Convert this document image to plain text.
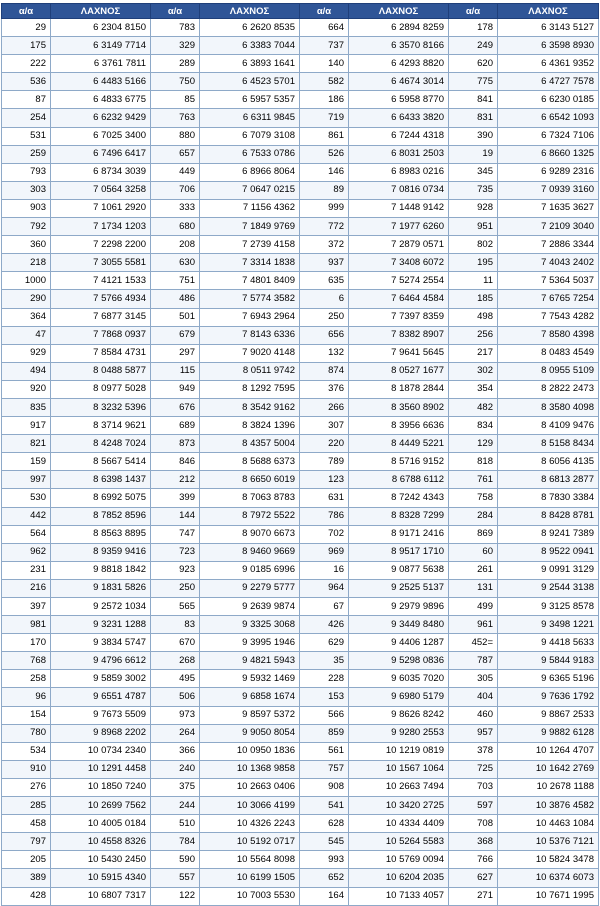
α/α	ΛΑΧΝΟΣ	α/α	ΛΑΧΝΟΣ	α/α	ΛΑΧΝΟΣ	α/α	ΛΑΧΝΟΣ
29	6 2304 8150	783	6 2620 8535	664	6 2894 8259	178	6 3143 5127
175	6 3149 7714	329	6 3383 7044	737	6 3570 8166	249	6 3598 8930
222	6 3761 7811	289	6 3893 1641	140	6 4293 8820	620	6 4361 9352
536	6 4483 5166	750	6 4523 5701	582	6 4674 3014	775	6 4727 7578
87	6 4833 6775	85	6 5957 5357	186	6 5958 8770	841	6 6230 0185
254	6 6232 9429	763	6 6311 9845	719	6 6433 3820	831	6 6542 1093
531	6 7025 3400	880	6 7079 3108	861	6 7244 4318	390	6 7324 7106
259	6 7496 6417	657	6 7533 0786	526	6 8031 2503	19	6 8660 1325
793	6 8734 3039	449	6 8966 8064	146	6 8983 0216	345	6 9289 2316
303	7 0564 3258	706	7 0647 0215	89	7 0816 0734	735	7 0939 3160
903	7 1061 2920	333	7 1156 4362	999	7 1448 9142	928	7 1635 3627
792	7 1734 1203	680	7 1849 9769	772	7 1977 6260	951	7 2109 3040
360	7 2298 2200	208	7 2739 4158	372	7 2879 0571	802	7 2886 3344
218	7 3055 5581	630	7 3314 1838	937	7 3408 6072	195	7 4043 2402
1000	7 4121 1533	751	7 4801 8409	635	7 5274 2554	11	7 5364 5037
290	7 5766 4934	486	7 5774 3582	6	7 6464 4584	185	7 6765 7254
364	7 6877 3145	501	7 6943 2964	250	7 7397 8359	498	7 7543 4282
47	7 7868 0937	679	7 8143 6336	656	7 8382 8907	256	7 8580 4398
929	7 8584 4731	297	7 9020 4148	132	7 9641 5645	217	8 0483 4549
494	8 0488 5877	115	8 0511 9742	874	8 0527 1677	302	8 0955 5109
920	8 0977 5028	949	8 1292 7595	376	8 1878 2844	354	8 2822 2473
835	8 3232 5396	676	8 3542 9162	266	8 3560 8902	482	8 3580 4098
917	8 3714 9621	689	8 3824 1396	307	8 3956 6636	834	8 4109 9476
821	8 4248 7024	873	8 4357 5004	220	8 4449 5221	129	8 5158 8434
159	8 5667 5414	846	8 5688 6373	789	8 5716 9152	818	8 6056 4135
997	8 6398 1437	212	8 6650 6019	123	8 6788 6112	761	8 6813 2877
530	8 6992 5075	399	8 7063 8783	631	8 7242 4343	758	8 7830 3384
442	8 7852 8596	144	8 7972 5522	786	8 8328 7299	284	8 8428 8781
564	8 8563 8895	747	8 9070 6673	702	8 9171 2416	869	8 9241 7389
962	8 9359 9416	723	8 9460 9669	969	8 9517 1710	60	8 9522 0941
231	9 8818 1842	923	9 0185 6996	16	9 0877 5638	261	9 0991 3129
216	9 1831 5826	250	9 2279 5777	964	9 2525 5137	131	9 2544 3138
397	9 2572 1034	565	9 2639 9874	67	9 2979 9896	499	9 3125 8578
981	9 3231 1288	83	9 3325 3068	426	9 3449 8480	961	9 3498 1221
170	9 3834 5747	670	9 3995 1946	629	9 4406 1287	452=	9 4418 5633
768	9 4796 6612	268	9 4821 5943	35	9 5298 0836	787	9 5844 9183
258	9 5859 3002	495	9 5932 1469	228	9 6035 7020	305	9 6365 5196
96	9 6551 4787	506	9 6858 1674	153	9 6980 5179	404	9 7636 1792
154	9 7673 5509	973	9 8597 5372	566	9 8626 8242	460	9 8867 2533
780	9 8968 2202	264	9 9050 8054	859	9 9280 2553	957	9 9882 6128
534	10 0734 2340	366	10 0950 1836	561	10 1219 0819	378	10 1264 4707
910	10 1291 4458	240	10 1368 9858	757	10 1567 1064	725	10 1642 2769
276	10 1850 7240	375	10 2663 0406	908	10 2663 7494	703	10 2678 1188
285	10 2699 7562	244	10 3066 4199	541	10 3420 2725	597	10 3876 4582
458	10 4005 0184	510	10 4326 2243	628	10 4334 4409	708	10 4463 1084
797	10 4558 8326	784	10 5192 0717	545	10 5264 5583	368	10 5376 7121
205	10 5430 2450	590	10 5564 8098	993	10 5769 0094	766	10 5824 3478
389	10 5915 4340	557	10 6199 1505	652	10 6204 2035	627	10 6374 6073
428	10 6807 7317	122	10 7003 5530	164	10 7133 4057	271	10 7671 1995
